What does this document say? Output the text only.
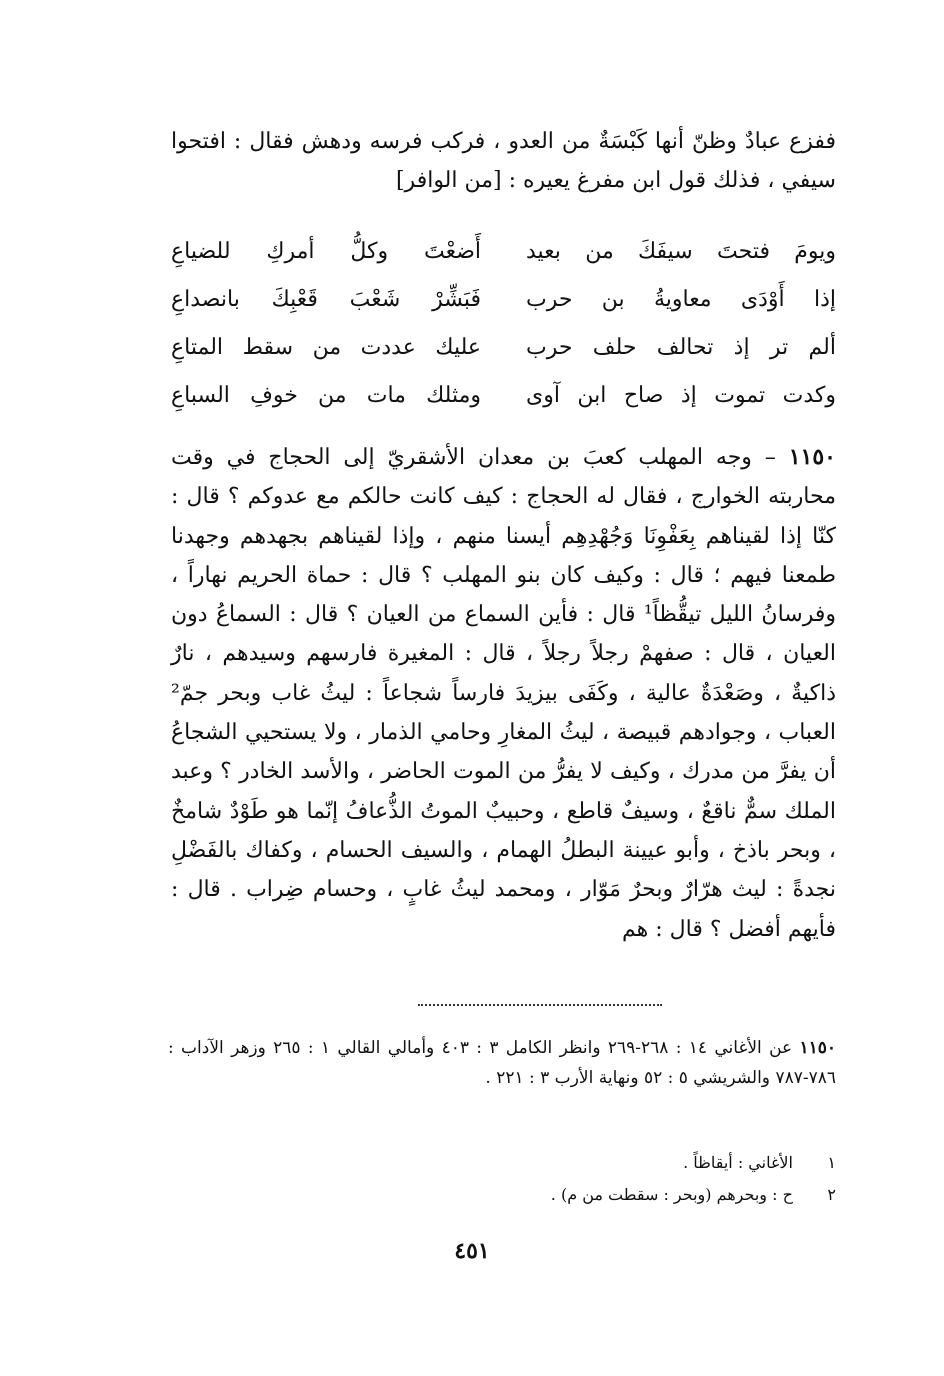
ففزع عبادٌ وظنّ أنها كَبْسَةٌ من العدو ، فركب فرسه ودهش فقال : افتحوا سيفي ، فذلك قول ابن مفرغ يعيره : [من الوافر]

ويومَ فتحتَ سيفَكَ من بعيد
أَضعْتَ وكلُّ أمركِ للضياعِ
إذا أَوْدَى معاويةُ بن حرب
فَبَشِّرْ شَعْبَ قَعْبِكَ بانصداعِ
ألم تر إذ تحالف حلف حرب
عليك عددت من سقط المتاعِ
وكدت تموت إذ صاح ابن آوى
ومثلك مات من خوفِ السباعِ

١١٥٠ – وجه المهلب كعبَ بن معدان الأشقريّ إلى الحجاج في وقت محاربته الخوارج ، فقال له الحجاج : كيف كانت حالكم مع عدوكم ؟ قال : كنّا إذا لقيناهم بِعَفْوِنَا وَجُهْدِهِم أيسنا منهم ، وإذا لقيناهم بجهدهم وجهدنا طمعنا فيهم ؛ قال : وكيف كان بنو المهلب ؟ قال : حماة الحريم نهاراً ، وفرسانُ الليل تيقُّظاً¹ قال : فأين السماع من العيان ؟ قال : السماعُ دون العيان ، قال : صفهمْ رجلاً رجلاً ، قال : المغيرة فارسهم وسيدهم ، نارٌ ذاكيةٌ ، وصَعْدَةٌ عالية ، وكَفَى بيزيدَ فارساً شجاعاً : ليثُ غاب وبحر جمّ² العباب ، وجوادهم قبيصة ، ليثُ المغارِ وحامي الذمار ، ولا يستحيي الشجاعُ أن يفرَّ من مدرك ، وكيف لا يفرُّ من الموت الحاضر ، والأسد الخادر ؟ وعبد الملك سمٌّ ناقعٌ ، وسيفٌ قاطع ، وحبيبٌ الموتُ الذُّعافُ إنّما هو طَوْدٌ شامخٌ ، وبحر باذخ ، وأبو عيينة البطلُ الهمام ، والسيف الحسام ، وكفاك بالفَضْلِ نجدةً : ليث هرّارٌ وبحرٌ مَوّار ، ومحمد ليثُ غابٍ ، وحسام ضِراب . قال : فأيهم أفضل ؟ قال : هم

١١٥٠ عن الأغاني ١٤ : ٢٦٨-٢٦٩ وانظر الكامل ٣ : ٤٠٣ وأمالي القالي ١ : ٢٦٥ وزهر الآداب : ٧٨٦-٧٨٧ والشريشي ٥ : ٥٢ ونهاية الأرب ٣ : ٢٢١ .

١ الأغاني : أيقاظاً .
٢ ح : وبحرهم (وبحر : سقطت من م) .
٤٥١
